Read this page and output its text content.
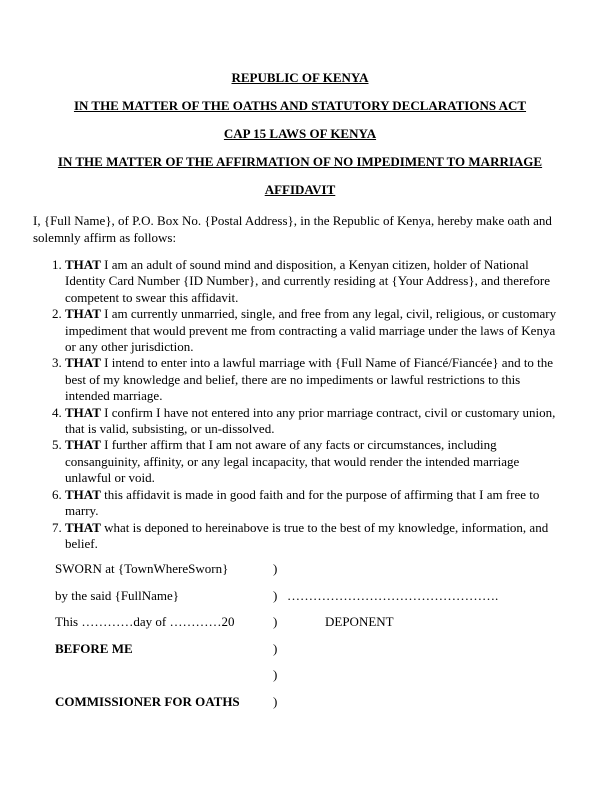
REPUBLIC OF KENYA
IN THE MATTER OF THE OATHS AND STATUTORY DECLARATIONS ACT
CAP 15 LAWS OF KENYA
IN THE MATTER OF THE AFFIRMATION OF NO IMPEDIMENT TO MARRIAGE
AFFIDAVIT

I, {Full Name}, of P.O. Box No. {Postal Address}, in the Republic of Kenya, hereby make oath and solemnly affirm as follows:

1. THAT I am an adult of sound mind and disposition, a Kenyan citizen, holder of National Identity Card Number {ID Number}, and currently residing at {Your Address}, and therefore competent to swear this affidavit.
2. THAT I am currently unmarried, single, and free from any legal, civil, religious, or customary impediment that would prevent me from contracting a valid marriage under the laws of Kenya or any other jurisdiction.
3. THAT I intend to enter into a lawful marriage with {Full Name of Fiancé/Fiancée} and to the best of my knowledge and belief, there are no impediments or lawful restrictions to this intended marriage.
4. THAT I confirm I have not entered into any prior marriage contract, civil or customary union, that is valid, subsisting, or un-dissolved.
5. THAT I further affirm that I am not aware of any facts or circumstances, including consanguinity, affinity, or any legal incapacity, that would render the intended marriage unlawful or void.
6. THAT this affidavit is made in good faith and for the purpose of affirming that I am free to marry.
7. THAT what is deponed to hereinabove is true to the best of my knowledge, information, and belief.
SWORN at {TownWhereSworn}	)
by the said {FullName}	) ………………………………………….
This …………day of …………20	)	DEPONENT
BEFORE ME	)
)
COMMISSIONER FOR OATHS	)
